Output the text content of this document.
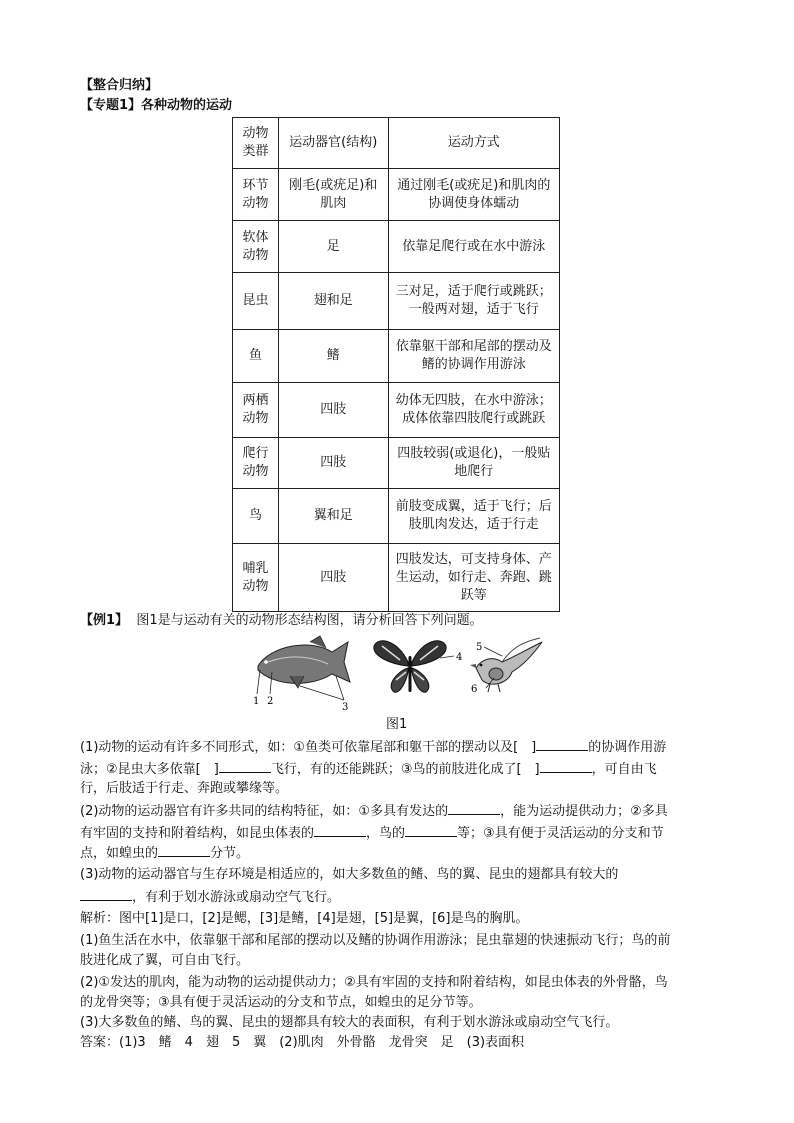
【整合归纳】
【专题1】各种动物的运动
动物类群	运动器官(结构)	运动方式
环节动物	刚毛(或疣足)和肌肉	通过刚毛(或疣足)和肌肉的协调使身体蠕动
软体动物	足	依靠足爬行或在水中游泳
昆虫	翅和足	三对足，适于爬行或跳跃；一般两对翅，适于飞行
鱼	鳍	依靠躯干部和尾部的摆动及鳍的协调作用游泳
两栖动物	四肢	幼体无四肢，在水中游泳；成体依靠四肢爬行或跳跃
爬行动物	四肢	四肢较弱(或退化)，一般贴地爬行
鸟	翼和足	前肢变成翼，适于飞行；后肢肌肉发达，适于行走
哺乳动物	四肢	四肢发达，可支持身体、产生运动，如行走、奔跑、跳跃等
【例1】 图1是与运动有关的动物形态结构图，请分析回答下列问题。
1 2
3
4
5
6
图1
(1)动物的运动有许多不同形式，如：①鱼类可依靠尾部和躯干部的摆动以及[　]	的协调作用游
泳；②昆虫大多依靠[　]	飞行，有的还能跳跃；③鸟的前肢进化成了[　]	，可自由飞
行，后肢适于行走、奔跑或攀缘等。
(2)动物的运动器官有许多共同的结构特征，如：①多具有发达的	，能为运动提供动力；②多具
有牢固的支持和附着结构，如昆虫体表的	，鸟的	等；③具有便于灵活运动的分支和节
点，如蝗虫的	分节。
(3)动物的运动器官与生存环境是相适应的，如大多数鱼的鳍、鸟的翼、昆虫的翅都具有较大的
，有利于划水游泳或扇动空气飞行。
解析：图中[1]是口，[2]是鳃，[3]是鳍，[4]是翅，[5]是翼，[6]是鸟的胸肌。
(1)鱼生活在水中，依靠躯干部和尾部的摆动以及鳍的协调作用游泳；昆虫靠翅的快速振动飞行；鸟的前
肢进化成了翼，可自由飞行。
(2)①发达的肌肉，能为动物的运动提供动力；②具有牢固的支持和附着结构，如昆虫体表的外骨骼，鸟
的龙骨突等；③具有便于灵活运动的分支和节点，如蝗虫的足分节等。
(3)大多数鱼的鳍、鸟的翼、昆虫的翅都具有较大的表面积，有利于划水游泳或扇动空气飞行。
答案：(1)3　鳍　4　翅　5　翼　(2)肌肉　外骨骼　龙骨突　足　(3)表面积
